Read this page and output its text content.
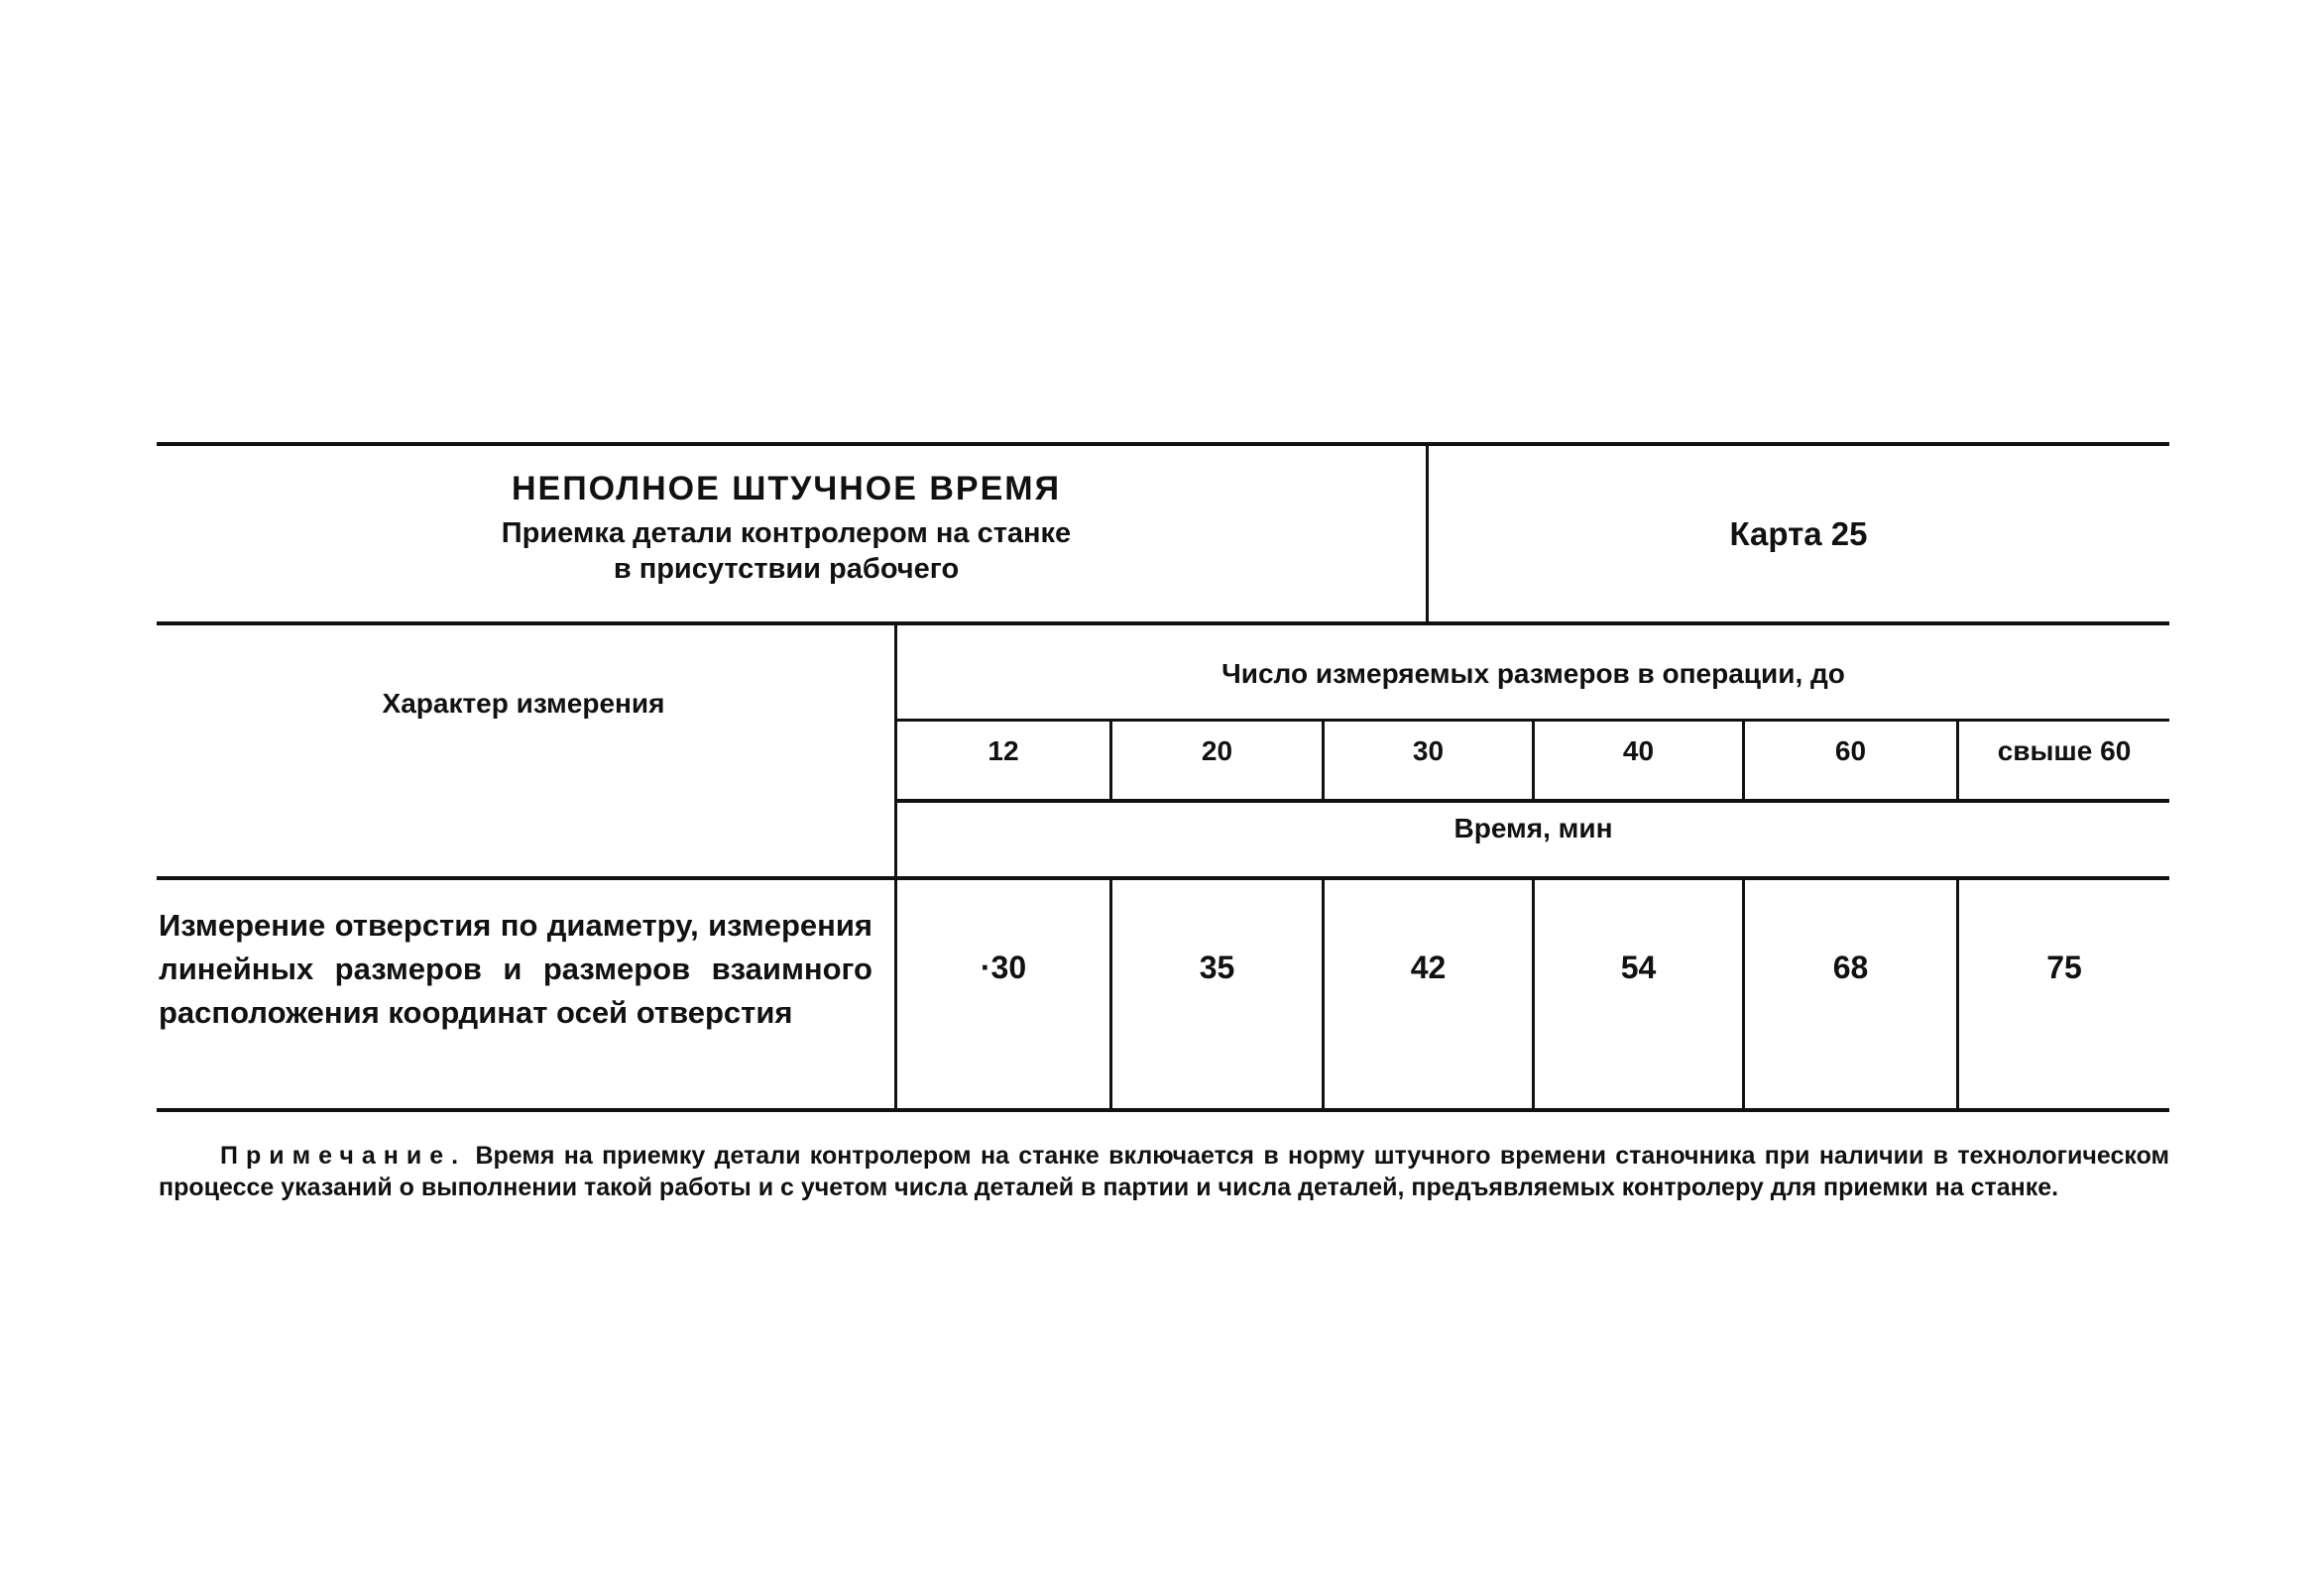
НЕПОЛНОЕ ШТУЧНОЕ ВРЕМЯ
Приемка детали контролером на станке
в присутствии рабочего
Карта 25
Характер измерения
Число измеряемых размеров в операции, до
12	20	30	40	60	свыше 60
Время, мин
Измерение отверстия по диаметру, измерения линейных размеров и размеров взаимного расположения координат осей отверстия
·30	35	42	54	68	75
Примечание. Время на приемку детали контролером на станке включается в норму штучного времени станочника при наличии в технологическом процессе указаний о выполнении такой работы и с учетом числа деталей в партии и числа деталей, предъявляемых контролеру для приемки на станке.
